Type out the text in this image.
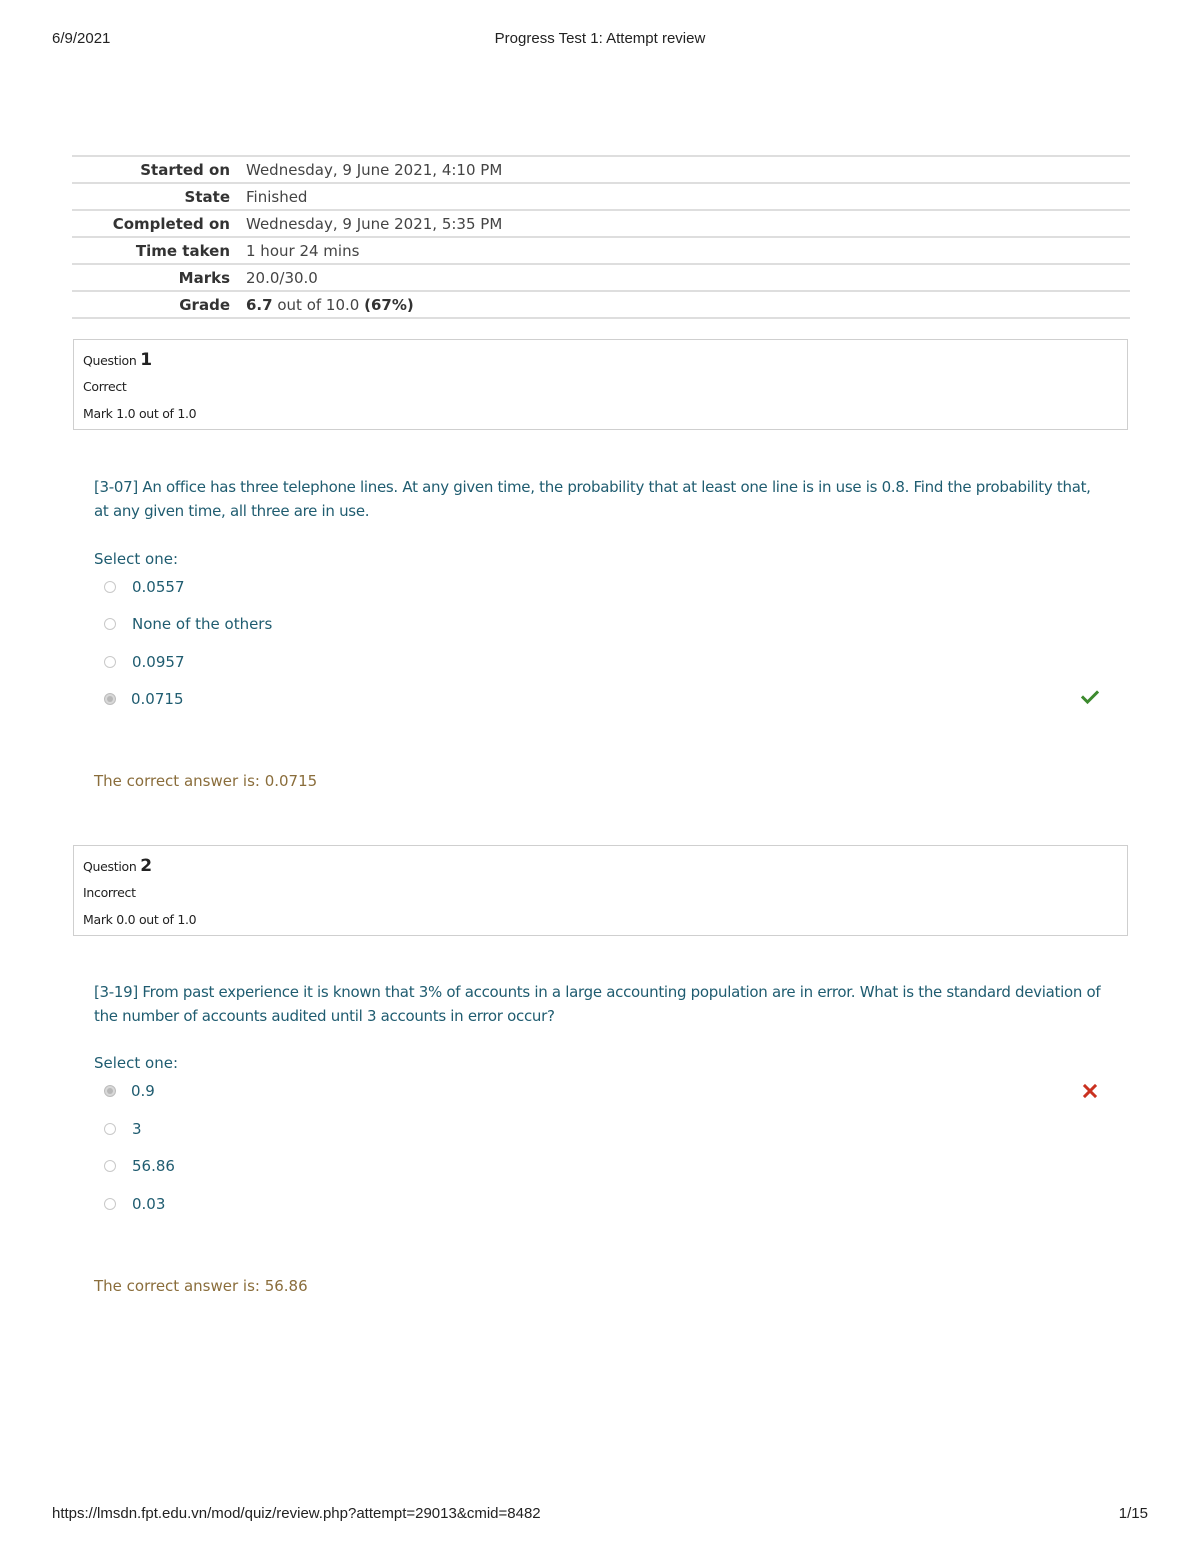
6/9/2021	Progress Test 1: Attempt review
Started on	Wednesday, 9 June 2021, 4:10 PM
State	Finished
Completed on	Wednesday, 9 June 2021, 5:35 PM
Time taken	1 hour 24 mins
Marks	20.0/30.0
Grade	6.7 out of 10.0 (67%)
Question 1
Correct
Mark 1.0 out of 1.0
[3-07] An office has three telephone lines. At any given time, the probability that at least one line is in use is 0.8. Find the probability that, at any given time, all three are in use.
Select one:
0.0557
None of the others
0.0957
0.0715
The correct answer is: 0.0715
Question 2
Incorrect
Mark 0.0 out of 1.0
[3-19] From past experience it is known that 3% of accounts in a large accounting population are in error. What is the standard deviation of the number of accounts audited until 3 accounts in error occur?
Select one:
0.9
3
56.86
0.03
The correct answer is: 56.86
https://lmsdn.fpt.edu.vn/mod/quiz/review.php?attempt=29013&cmid=8482	1/15
